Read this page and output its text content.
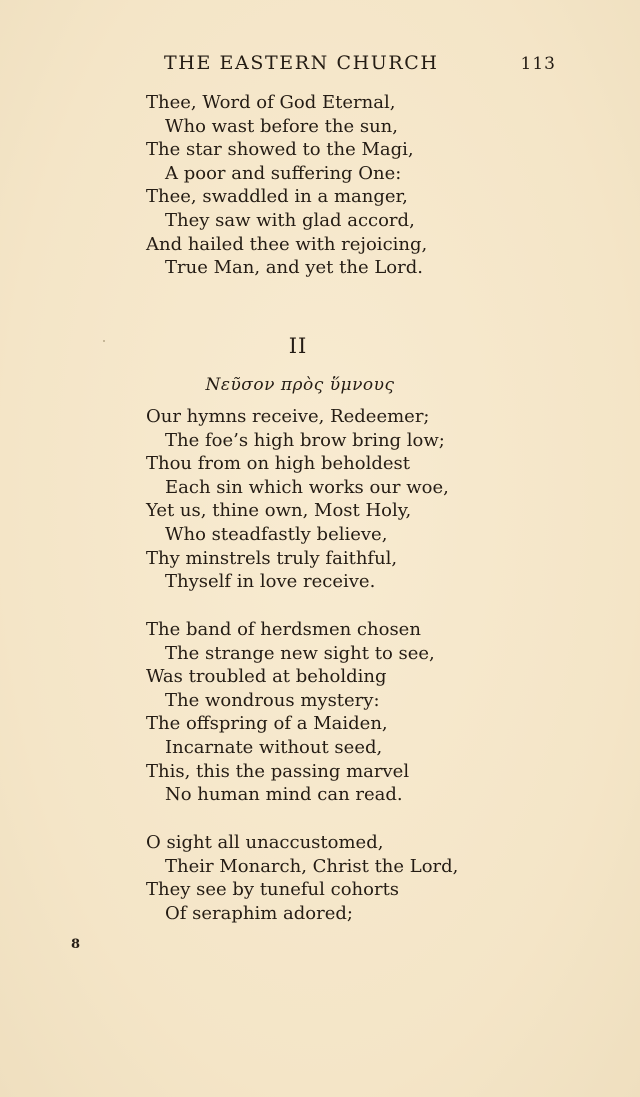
THE EASTERN CHURCH	113
Thee, Word of God Eternal,
Who wast before the sun,
The star showed to the Magi,
A poor and suffering One:
Thee, swaddled in a manger,
They saw with glad accord,
And hailed thee with rejoicing,
True Man, and yet the Lord.
II
Νεῦσον πρὸς ὕμνους
Our hymns receive, Redeemer;
The foe’s high brow bring low;
Thou from on high beholdest
Each sin which works our woe,
Yet us, thine own, Most Holy,
Who steadfastly believe,
Thy minstrels truly faithful,
Thyself in love receive.
The band of herdsmen chosen
The strange new sight to see,
Was troubled at beholding
The wondrous mystery:
The offspring of a Maiden,
Incarnate without seed,
This, this the passing marvel
No human mind can read.
O sight all unaccustomed,
Their Monarch, Christ the Lord,
They see by tuneful cohorts
Of seraphim adored;
8
